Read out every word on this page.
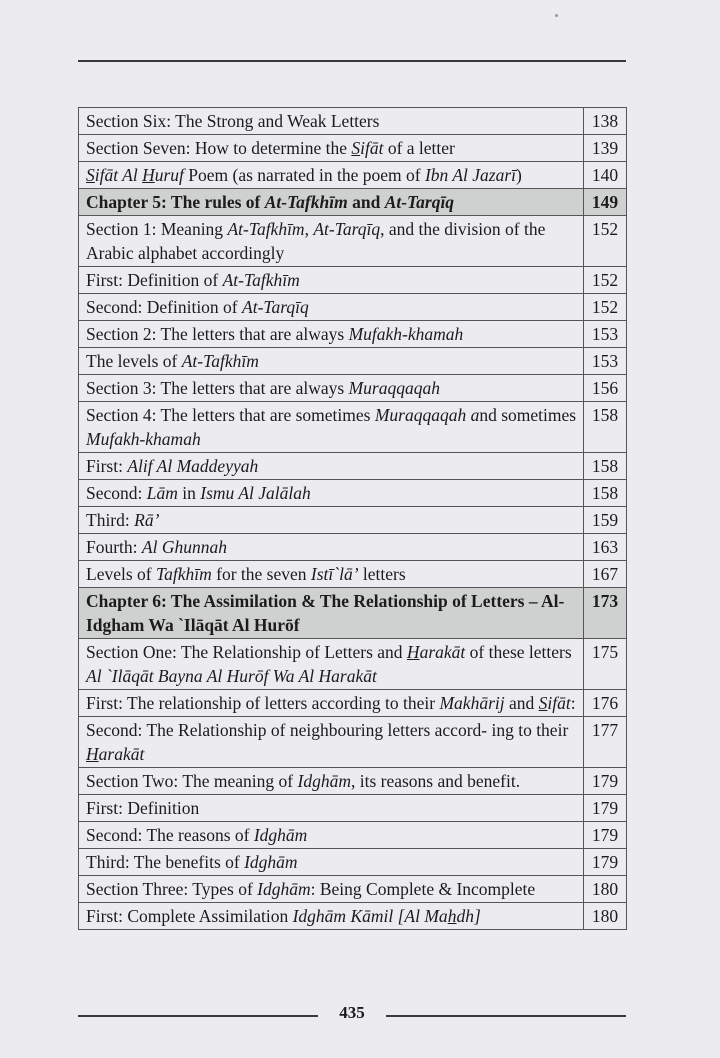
Section Six: The Strong and Weak Letters	138
Section Seven: How to determine the Sifāt of a letter	139
Sifāt Al Huruf Poem (as narrated in the poem of Ibn Al Jazarī)	140
Chapter 5: The rules of At-Tafkhīm and At-Tarqīq	149
Section 1: Meaning At-Tafkhīm, At-Tarqīq, and the division of the Arabic alphabet accordingly	152
First: Definition of At-Tafkhīm	152
Second: Definition of At-Tarqīq	152
Section 2: The letters that are always Mufakh-khamah	153
The levels of At-Tafkhīm	153
Section 3: The letters that are always Muraqqaqah	156
Section 4: The letters that are sometimes Muraqqaqah and sometimes Mufakh-khamah	158
First: Alif Al Maddeyyah	158
Second: Lām in Ismu Al Jalālah	158
Third: Rā’	159
Fourth: Al Ghunnah	163
Levels of Tafkhīm for the seven Istī`lā’ letters	167
Chapter 6: The Assimilation & The Relationship of Letters – Al-Idgham Wa `Ilāqāt Al Hurōf	173
Section One: The Relationship of Letters and Harakāt of these letters Al `Ilāqāt Bayna Al Hurōf Wa Al Harakāt	175
First: The relationship of letters according to their Makhārij and Sifāt:	176
Second: The Relationship of neighbouring letters accord- ing to their Harakāt	177
Section Two: The meaning of Idghām, its reasons and benefit.	179
First: Definition	179
Second: The reasons of Idghām	179
Third: The benefits of Idghām	179
Section Three: Types of Idghām: Being Complete & Incomplete	180
First: Complete Assimilation Idghām Kāmil [Al Mahdh]	180
435
